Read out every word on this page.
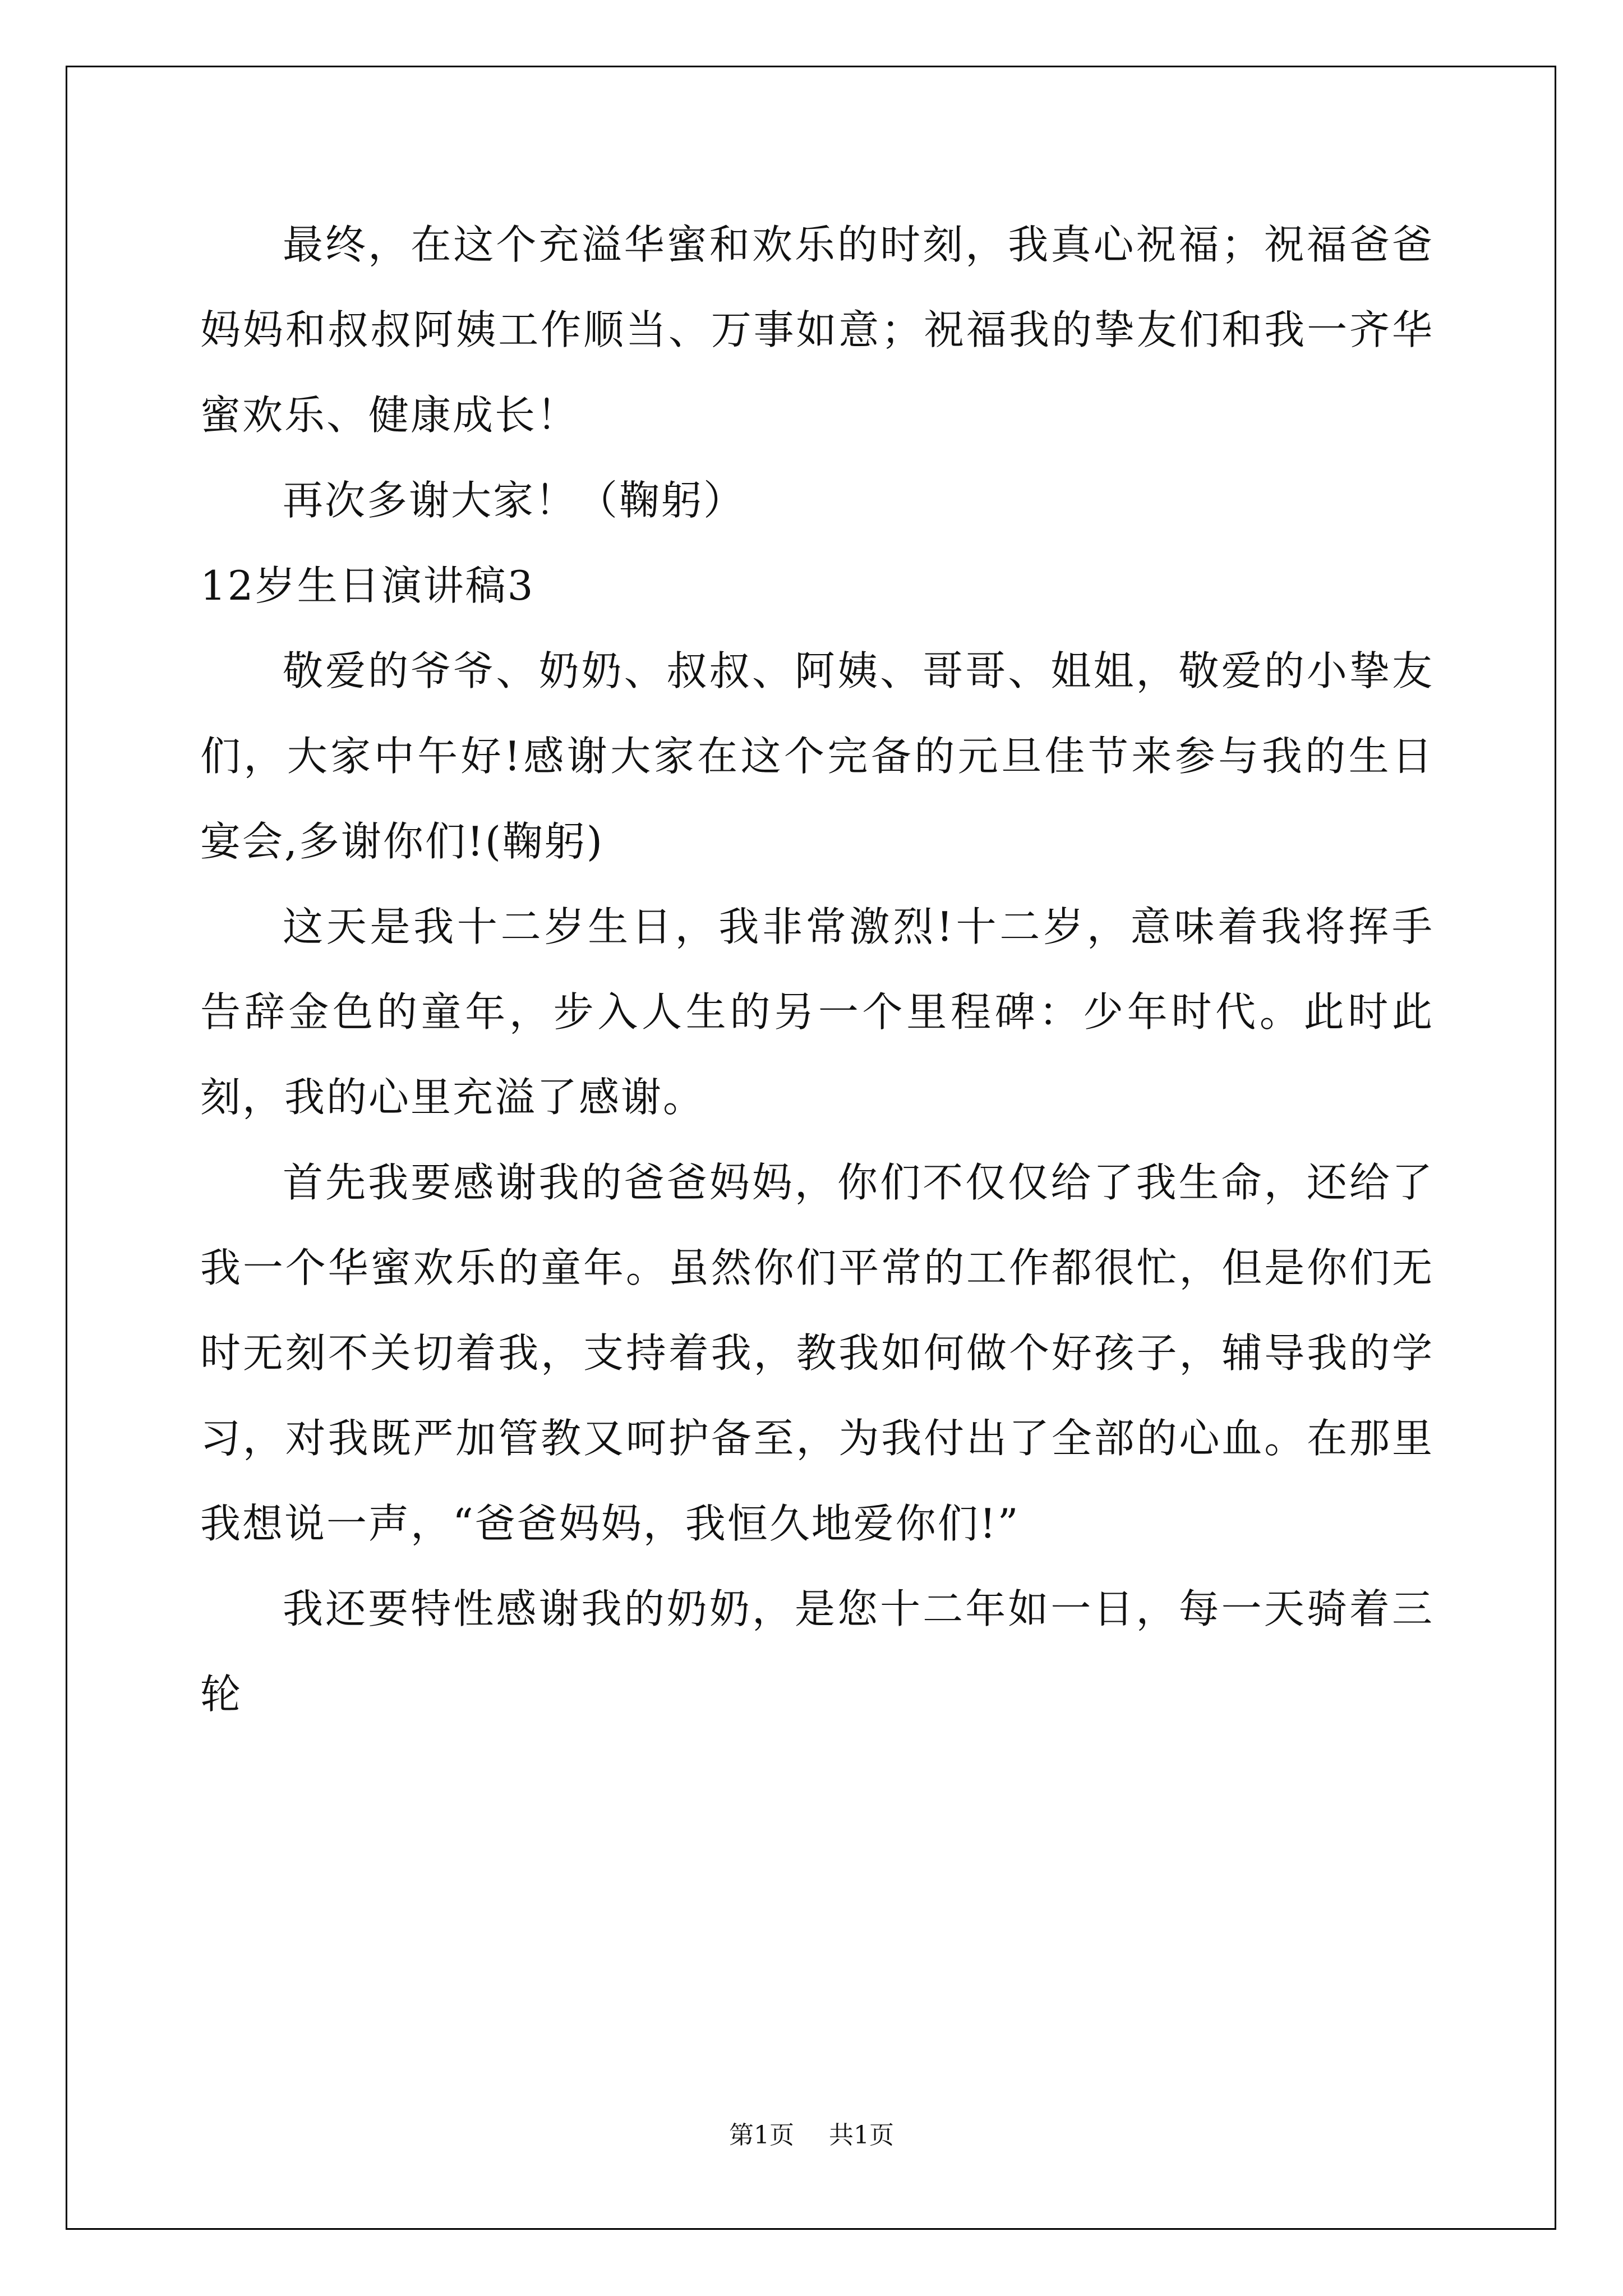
最终，在这个充溢华蜜和欢乐的时刻，我真心祝福；祝福爸爸妈妈和叔叔阿姨工作顺当、万事如意；祝福我的挚友们和我一齐华蜜欢乐、健康成长！

再次多谢大家！（鞠躬）

12岁生日演讲稿3

敬爱的爷爷、奶奶、叔叔、阿姨、哥哥、姐姐，敬爱的小挚友们，大家中午好!感谢大家在这个完备的元旦佳节来参与我的生日宴会,多谢你们!(鞠躬)

这天是我十二岁生日，我非常激烈!十二岁，意味着我将挥手告辞金色的童年，步入人生的另一个里程碑：少年时代。此时此刻，我的心里充溢了感谢。

首先我要感谢我的爸爸妈妈，你们不仅仅给了我生命，还给了我一个华蜜欢乐的童年。虽然你们平常的工作都很忙，但是你们无时无刻不关切着我，支持着我，教我如何做个好孩子，辅导我的学习，对我既严加管教又呵护备至，为我付出了全部的心血。在那里我想说一声，“爸爸妈妈，我恒久地爱你们!”

我还要特性感谢我的奶奶，是您十二年如一日，每一天骑着三轮

第1页 共1页
